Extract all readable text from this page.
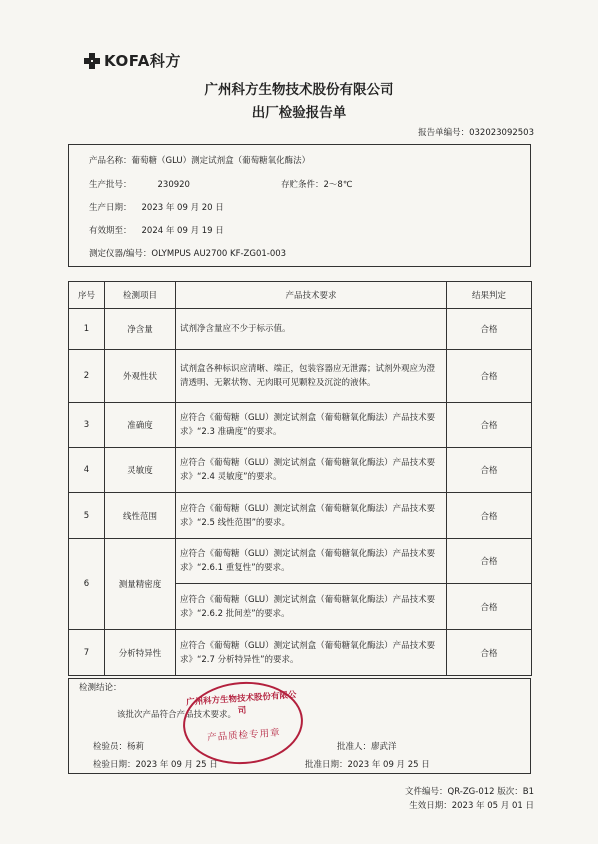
KOFA科方
广州科方生物技术股份有限公司
出厂检验报告单
报告单编号：032023092503
产品名称：葡萄糖（GLU）测定试剂盒（葡萄糖氧化酶法）
生产批号：	230920	存贮条件：2～8℃
生产日期： 2023 年 09 月 20 日
有效期至： 2024 年 09 月 19 日
测定仪器/编号：OLYMPUS AU2700 KF-ZG01-003
序号	检测项目	产品技术要求	结果判定
1	净含量	试剂净含量应不少于标示值。	合格
2	外观性状	试剂盒各种标识应清晰、端正，包装容器应无泄露；试剂外观应为澄清透明、无絮状物、无肉眼可见颗粒及沉淀的液体。	合格
3	准确度	应符合《葡萄糖（GLU）测定试剂盒（葡萄糖氧化酶法）产品技术要求》“2.3 准确度”的要求。	合格
4	灵敏度	应符合《葡萄糖（GLU）测定试剂盒（葡萄糖氧化酶法）产品技术要求》“2.4 灵敏度”的要求。	合格
5	线性范围	应符合《葡萄糖（GLU）测定试剂盒（葡萄糖氧化酶法）产品技术要求》“2.5 线性范围”的要求。	合格
6	测量精密度	应符合《葡萄糖（GLU）测定试剂盒（葡萄糖氧化酶法）产品技术要求》“2.6.1 重复性”的要求。	合格
		应符合《葡萄糖（GLU）测定试剂盒（葡萄糖氧化酶法）产品技术要求》“2.6.2 批间差”的要求。	合格
7	分析特异性	应符合《葡萄糖（GLU）测定试剂盒（葡萄糖氧化酶法）产品技术要求》“2.7 分析特异性”的要求。	合格
检测结论：
该批次产品符合产品技术要求。
检验员：杨莉	批准人：廖武洋
检验日期：2023 年 09 月 25 日	批准日期：2023 年 09 月 25 日
广州科方生物技术股份有限公司
产品质检专用章
文件编号：QR-ZG-012 版次：B1
生效日期：2023 年 05 月 01 日
